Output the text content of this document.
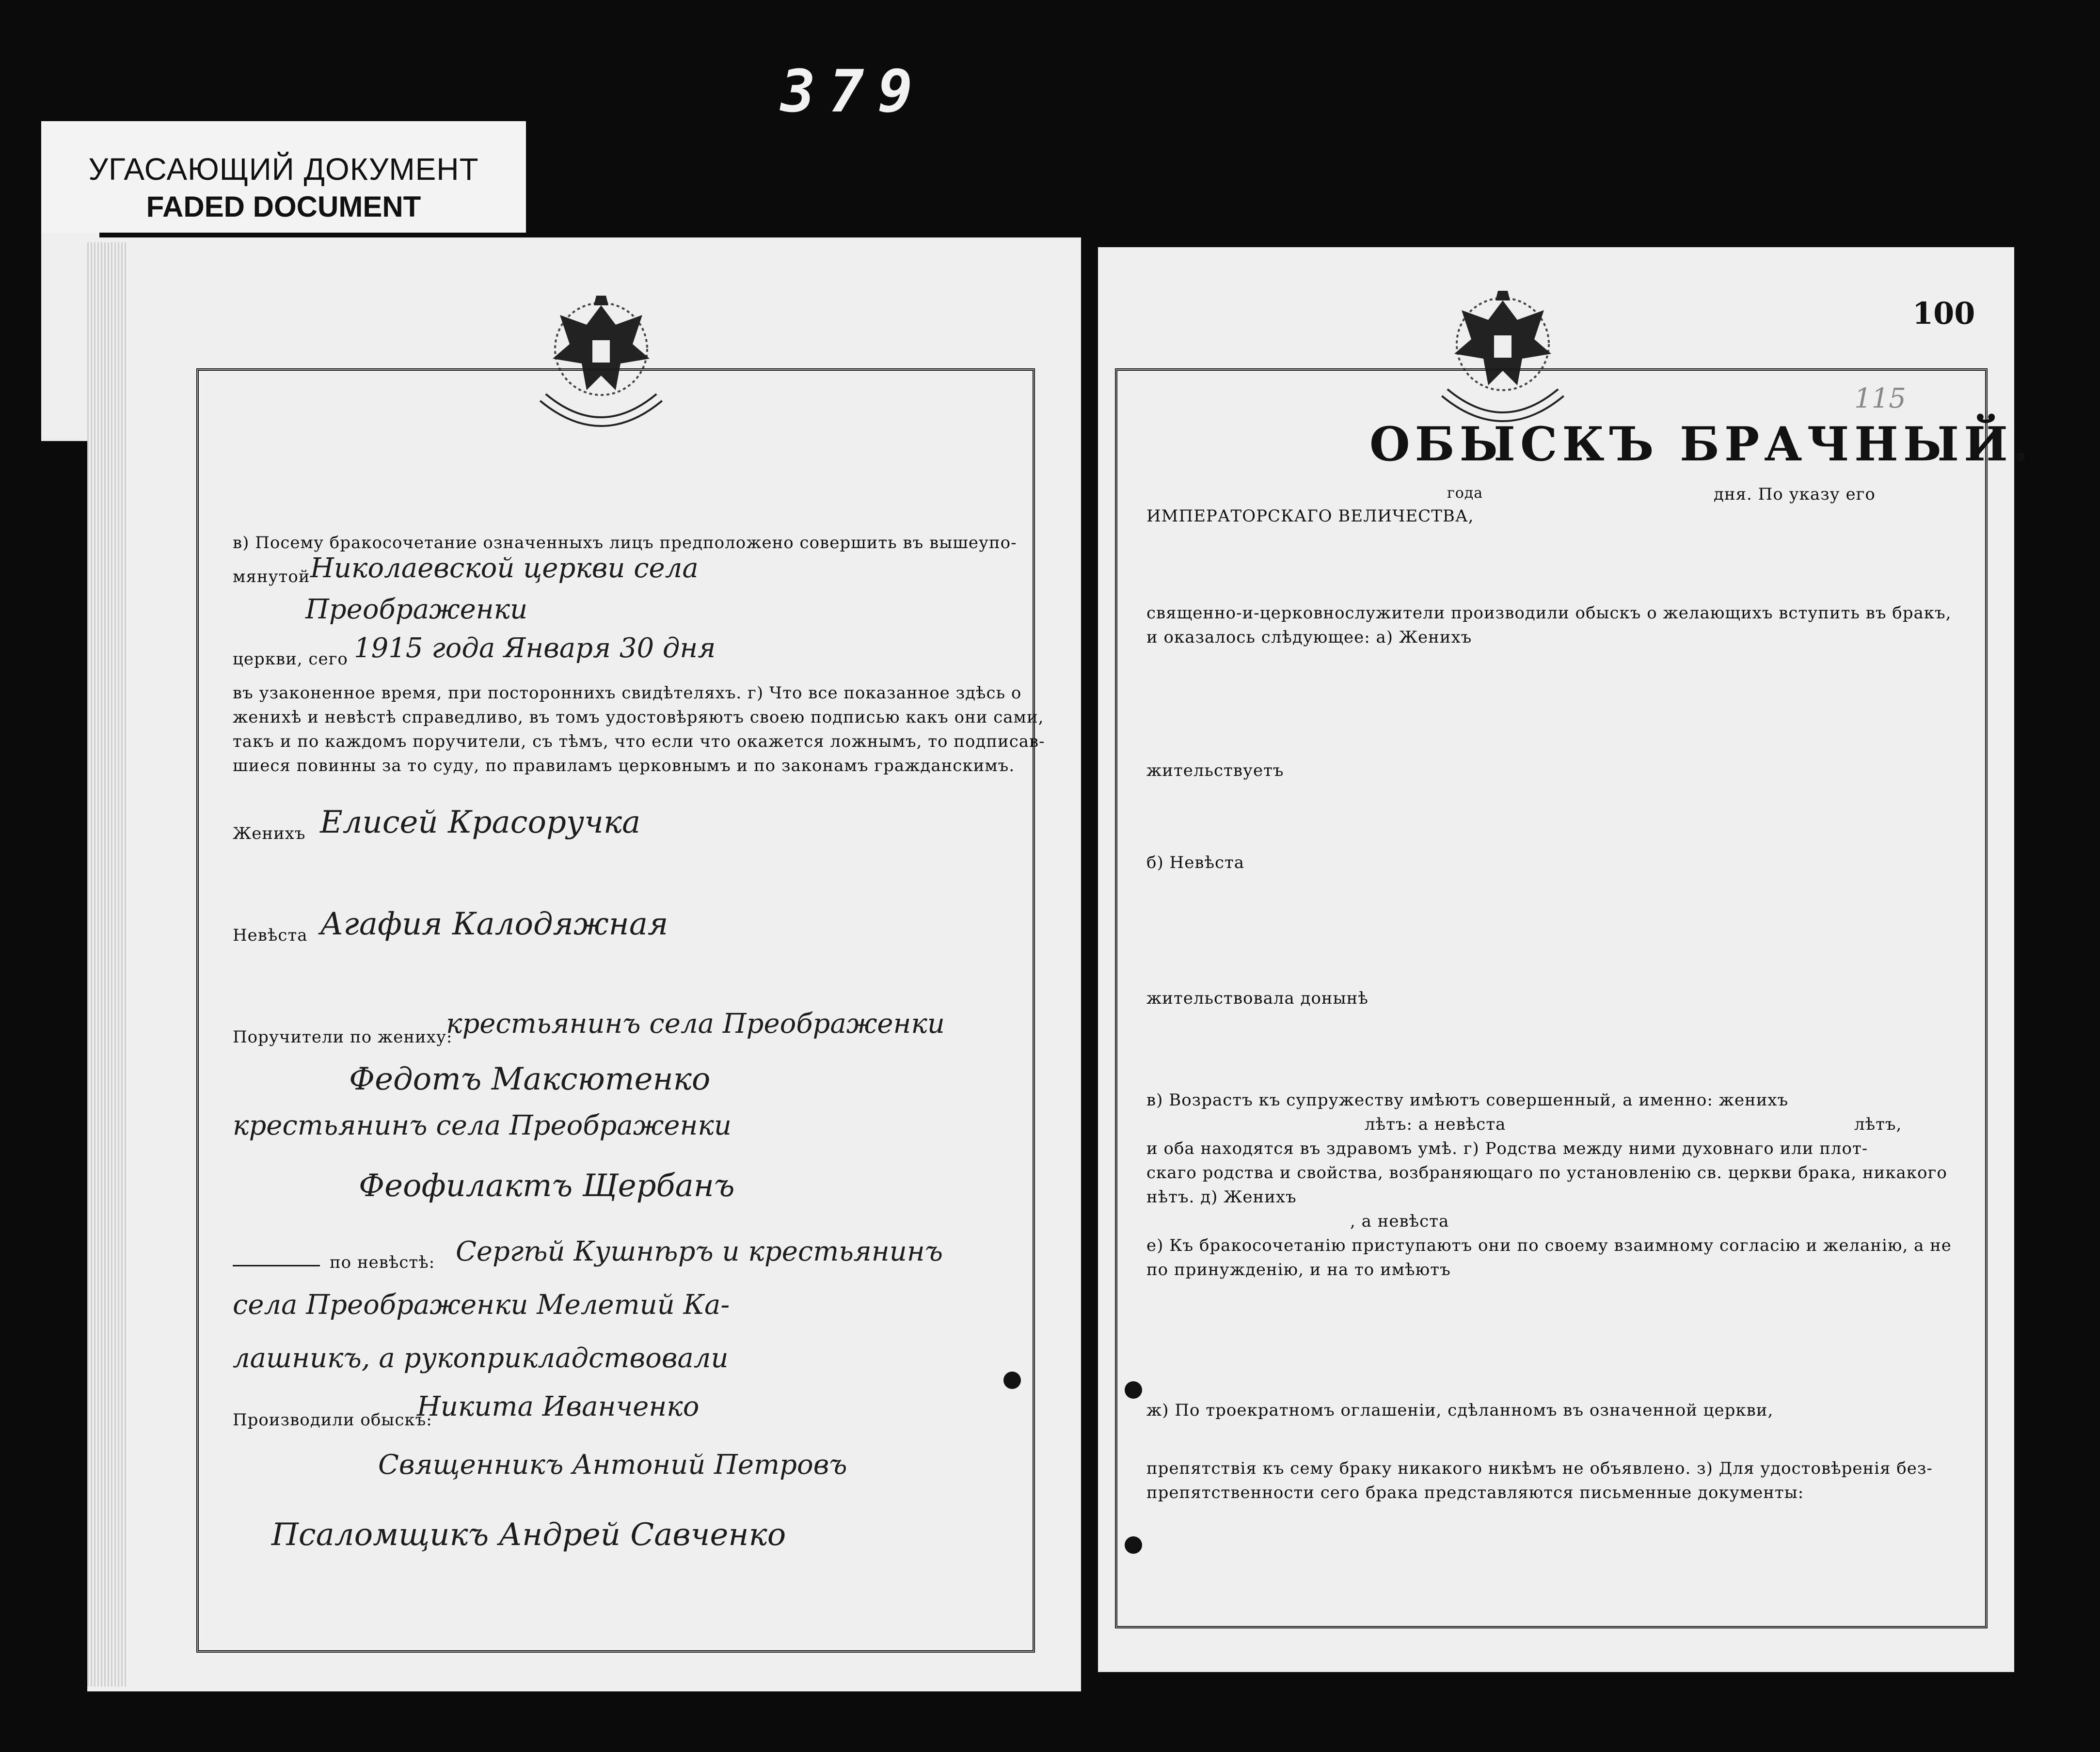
379
УГАСАЮЩИЙ ДОКУМЕНТ
FADED DOCUMENT
в) Посему бракосочетание означенныхъ лицъ предположено совершить въ вышеупо-
мянутой Николаевской церкви села
Преображенки
церкви, сего 1915 года Января 30 дня
въ узаконенное время, при постороннихъ свидѣтеляхъ. г) Что все показанное здѣсь о
женихѣ и невѣстѣ справедливо, въ томъ удостовѣряютъ своею подписью какъ они сами,
такъ и по каждомъ поручители, съ тѣмъ, что если что окажется ложнымъ, то подписав-
шиеся повинны за то суду, по правиламъ церковнымъ и по законамъ гражданскимъ.
Женихъ Елисей Красоручка
Невѣста Агафия Калодяжная
Поручители по жениху:
крестьянинъ села Преображенки
Федотъ Максютенко
крестьянинъ села Преображенки
Феофилактъ Щербанъ
по невѣстѣ: Сергѣй Кушнѣръ и крестьянинъ
села Преображенки Мелетий Ка-
лашникъ, а рукоприкладствовали
Производили обыскъ:
Никита Иванченко
Священникъ Антоний Петровъ
Псаломщикъ Андрей Савченко
100
115
ОБЫСКЪ БРАЧНЫЙ.
года	дня. По указу его
ИМПЕРАТОРСКАГО ВЕЛИЧЕСТВА,
священно-и-церковнослужители производили обыскъ о желающихъ вступить въ бракъ,
и оказалось слѣдующее: а) Женихъ
жительствуетъ
б) Невѣста
жительствовала донынѣ
в) Возрастъ къ супружеству имѣютъ совершенный, а именно: женихъ
лѣтъ: а невѣста	лѣтъ,
и оба находятся въ здравомъ умѣ. г) Родства между ними духовнаго или плот-
скаго родства и свойства, возбраняющаго по установленію св. церкви брака, никакого
нѣтъ. д) Женихъ
, а невѣста
е) Къ бракосочетанію приступаютъ они по своему взаимному согласію и желанію, а не
по принужденію, и на то имѣютъ
ж) По троекратномъ оглашеніи, сдѣланномъ въ означенной церкви,
препятствія къ сему браку никакого никѣмъ не объявлено. з) Для удостовѣренія без-
препятственности сего брака представляются письменные документы:
